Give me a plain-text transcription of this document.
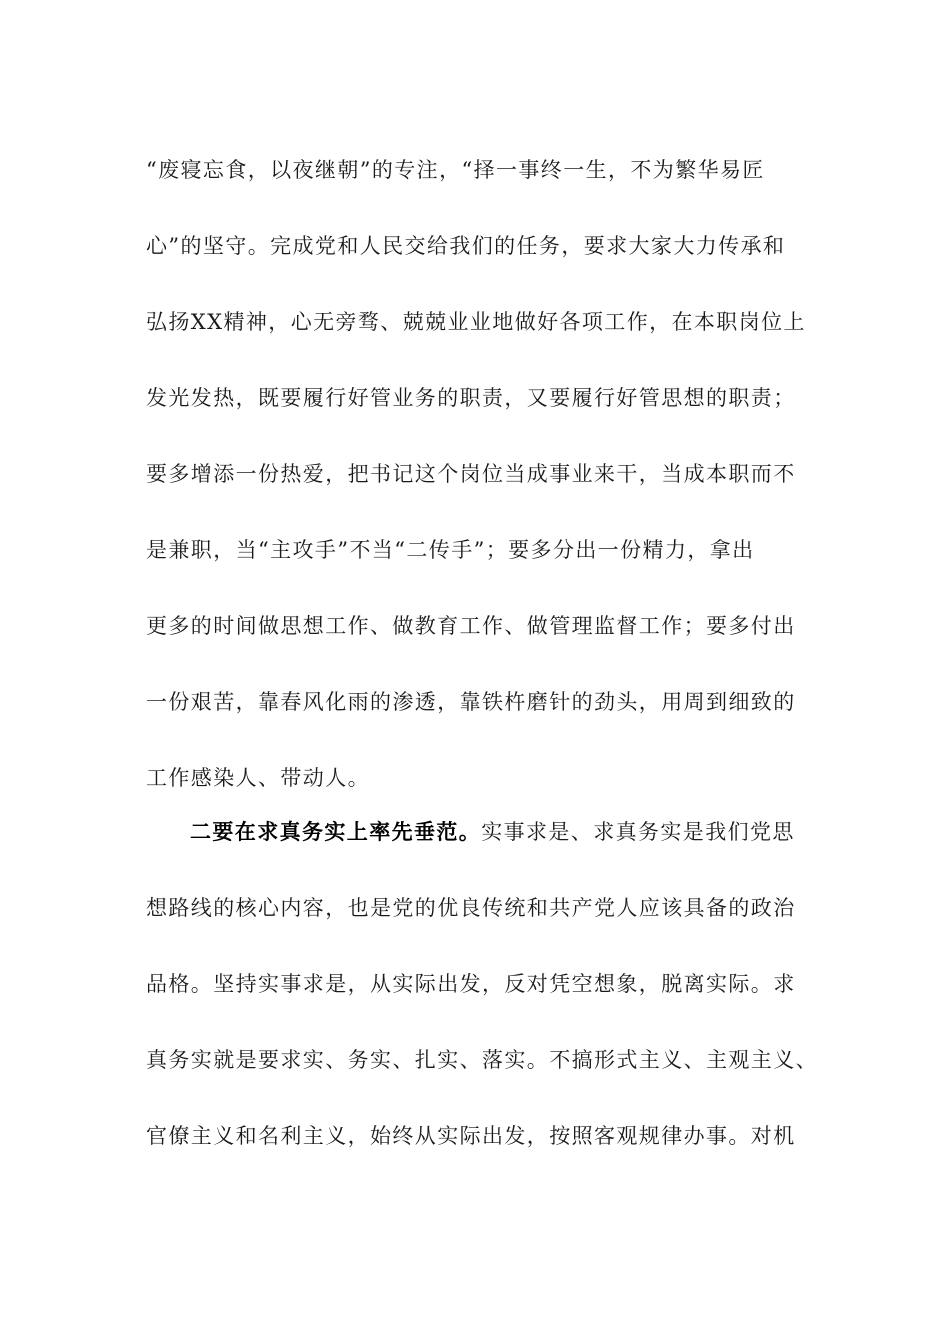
“废寝忘食，以夜继朝”的专注，“择一事终一生，不为繁华易匠
心”的坚守。完成党和人民交给我们的任务，要求大家大力传承和
弘扬XX精神，心无旁骛、兢兢业业地做好各项工作，在本职岗位上
发光发热，既要履行好管业务的职责，又要履行好管思想的职责；
要多增添一份热爱，把书记这个岗位当成事业来干，当成本职而不
是兼职，当“主攻手”不当“二传手”；要多分出一份精力，拿出
更多的时间做思想工作、做教育工作、做管理监督工作；要多付出
一份艰苦，靠春风化雨的渗透，靠铁杵磨针的劲头，用周到细致的
工作感染人、带动人。
二要在求真务实上率先垂范。实事求是、求真务实是我们党思
想路线的核心内容，也是党的优良传统和共产党人应该具备的政治
品格。坚持实事求是，从实际出发，反对凭空想象，脱离实际。求
真务实就是要求实、务实、扎实、落实。不搞形式主义、主观主义、
官僚主义和名利主义，始终从实际出发，按照客观规律办事。对机
